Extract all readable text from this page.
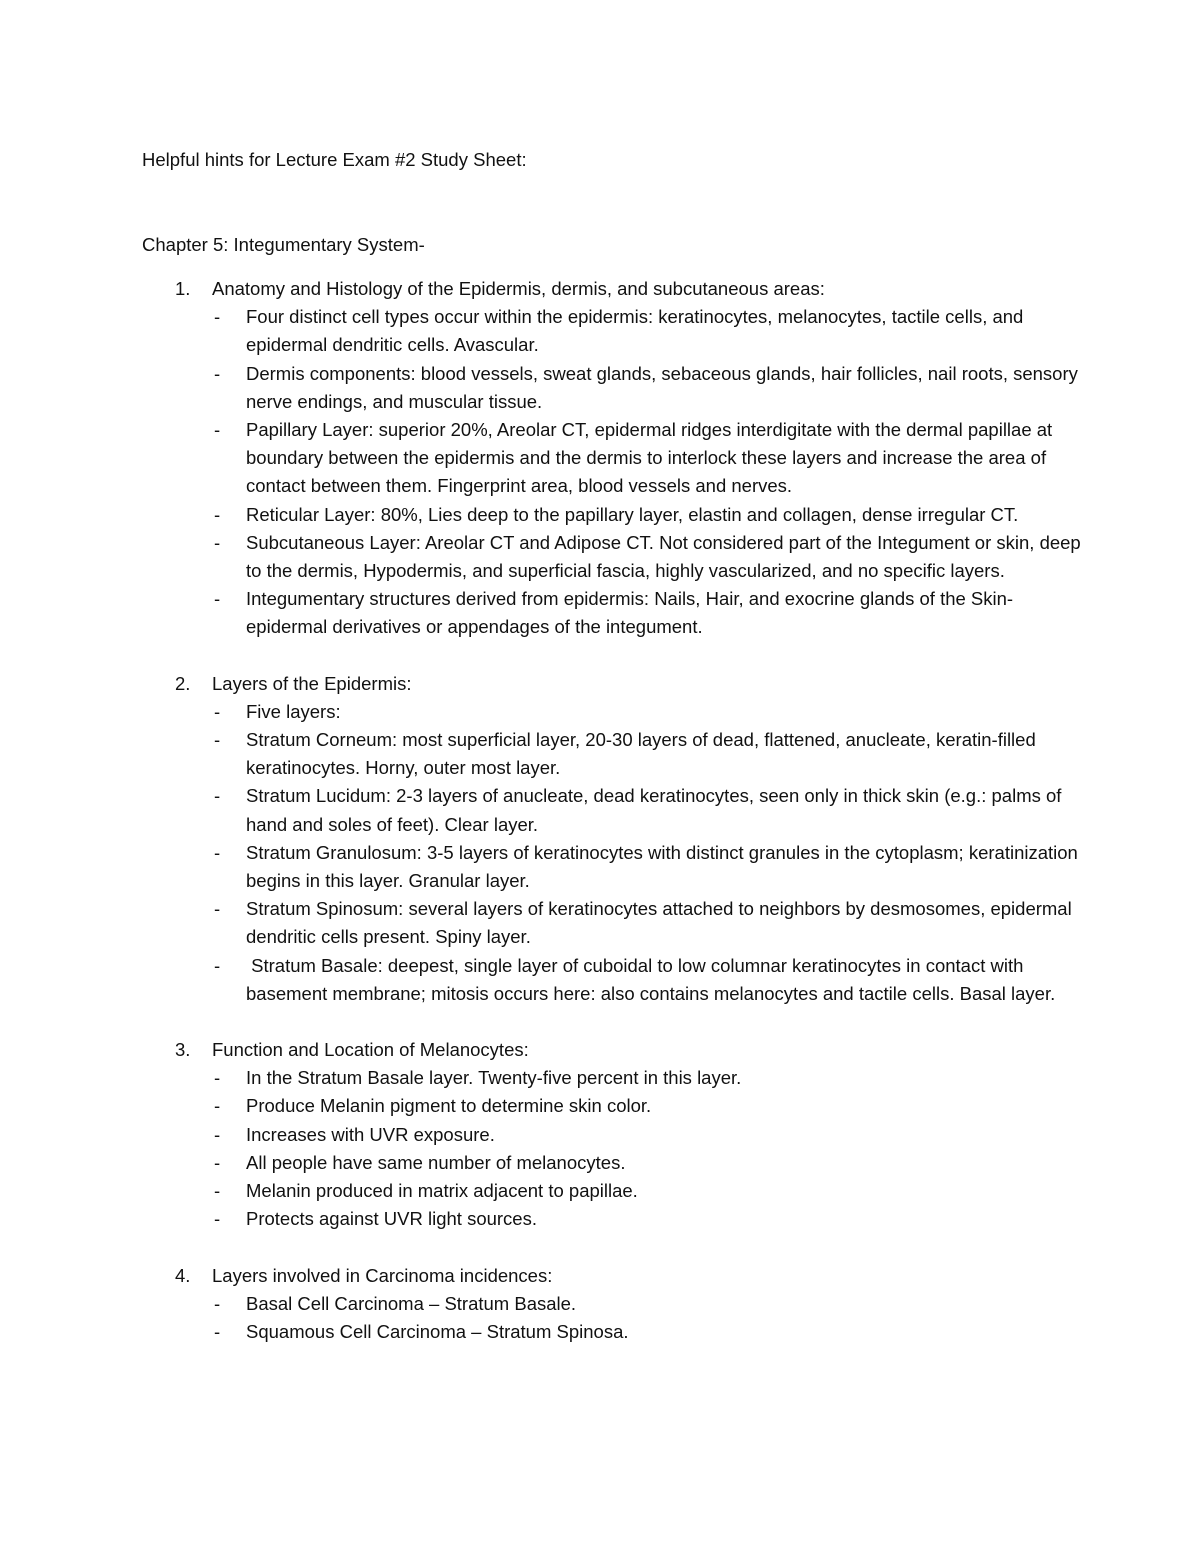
Helpful hints for Lecture Exam #2 Study Sheet:
Chapter 5: Integumentary System-
1. Anatomy and Histology of the Epidermis, dermis, and subcutaneous areas:
- Four distinct cell types occur within the epidermis: keratinocytes, melanocytes, tactile cells, and epidermal dendritic cells. Avascular.
- Dermis components: blood vessels, sweat glands, sebaceous glands, hair follicles, nail roots, sensory nerve endings, and muscular tissue.
- Papillary Layer: superior 20%, Areolar CT, epidermal ridges interdigitate with the dermal papillae at boundary between the epidermis and the dermis to interlock these layers and increase the area of contact between them. Fingerprint area, blood vessels and nerves.
- Reticular Layer: 80%, Lies deep to the papillary layer, elastin and collagen, dense irregular CT.
- Subcutaneous Layer: Areolar CT and Adipose CT. Not considered part of the Integument or skin, deep to the dermis, Hypodermis, and superficial fascia, highly vascularized, and no specific layers.
- Integumentary structures derived from epidermis: Nails, Hair, and exocrine glands of the Skin- epidermal derivatives or appendages of the integument.
2. Layers of the Epidermis:
- Five layers:
- Stratum Corneum: most superficial layer, 20-30 layers of dead, flattened, anucleate, keratin-filled keratinocytes. Horny, outer most layer.
- Stratum Lucidum: 2-3 layers of anucleate, dead keratinocytes, seen only in thick skin (e.g.: palms of hand and soles of feet). Clear layer.
- Stratum Granulosum: 3-5 layers of keratinocytes with distinct granules in the cytoplasm; keratinization begins in this layer. Granular layer.
- Stratum Spinosum: several layers of keratinocytes attached to neighbors by desmosomes, epidermal dendritic cells present. Spiny layer.
- Stratum Basale: deepest, single layer of cuboidal to low columnar keratinocytes in contact with basement membrane; mitosis occurs here: also contains melanocytes and tactile cells. Basal layer.
3. Function and Location of Melanocytes:
- In the Stratum Basale layer. Twenty-five percent in this layer.
- Produce Melanin pigment to determine skin color.
- Increases with UVR exposure.
- All people have same number of melanocytes.
- Melanin produced in matrix adjacent to papillae.
- Protects against UVR light sources.
4. Layers involved in Carcinoma incidences:
- Basal Cell Carcinoma – Stratum Basale.
- Squamous Cell Carcinoma – Stratum Spinosa.
